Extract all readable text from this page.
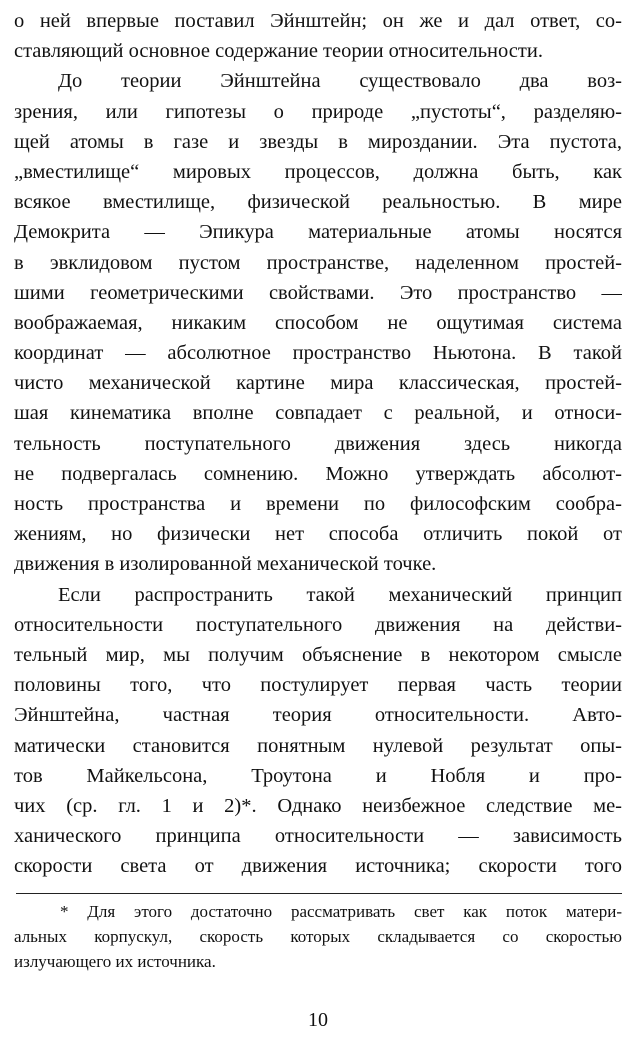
о ней впервые поставил Эйнштейн; он же и дал ответ, со-
ставляющий основное содержание теории относительности.
До теории Эйнштейна существовало два воз-
зрения, или гипотезы о природе „пустоты“, разделяю-
щей атомы в газе и звезды в мироздании. Эта пустота,
„вместилище“ мировых процессов, должна быть, как
всякое вместилище, физической реальностью. В мире
Демокрита — Эпикура материальные атомы носятся
в эвклидовом пустом пространстве, наделенном простей-
шими геометрическими свойствами. Это пространство —
воображаемая, никаким способом не ощутимая система
координат — абсолютное пространство Ньютона. В такой
чисто механической картине мира классическая, простей-
шая кинематика вполне совпадает с реальной, и относи-
тельность поступательного движения здесь никогда
не подвергалась сомнению. Можно утверждать абсолют-
ность пространства и времени по философским сообра-
жениям, но физически нет способа отличить покой от
движения в изолированной механической точке.
Если распространить такой механический принцип
относительности поступательного движения на действи-
тельный мир, мы получим объяснение в некотором смысле
половины того, что постулирует первая часть теории
Эйнштейна, частная теория относительности. Авто-
матически становится понятным нулевой результат опы-
тов Майкельсона, Троутона и Нобля и про-
чих (ср. гл. 1 и 2)*. Однако неизбежное следствие ме-
ханического принципа относительности — зависимость
скорости света от движения источника; скорости того
* Для этого достаточно рассматривать свет как поток матери-
альных корпускул, скорость которых складывается со скоростью
излучающего их источника.
10
